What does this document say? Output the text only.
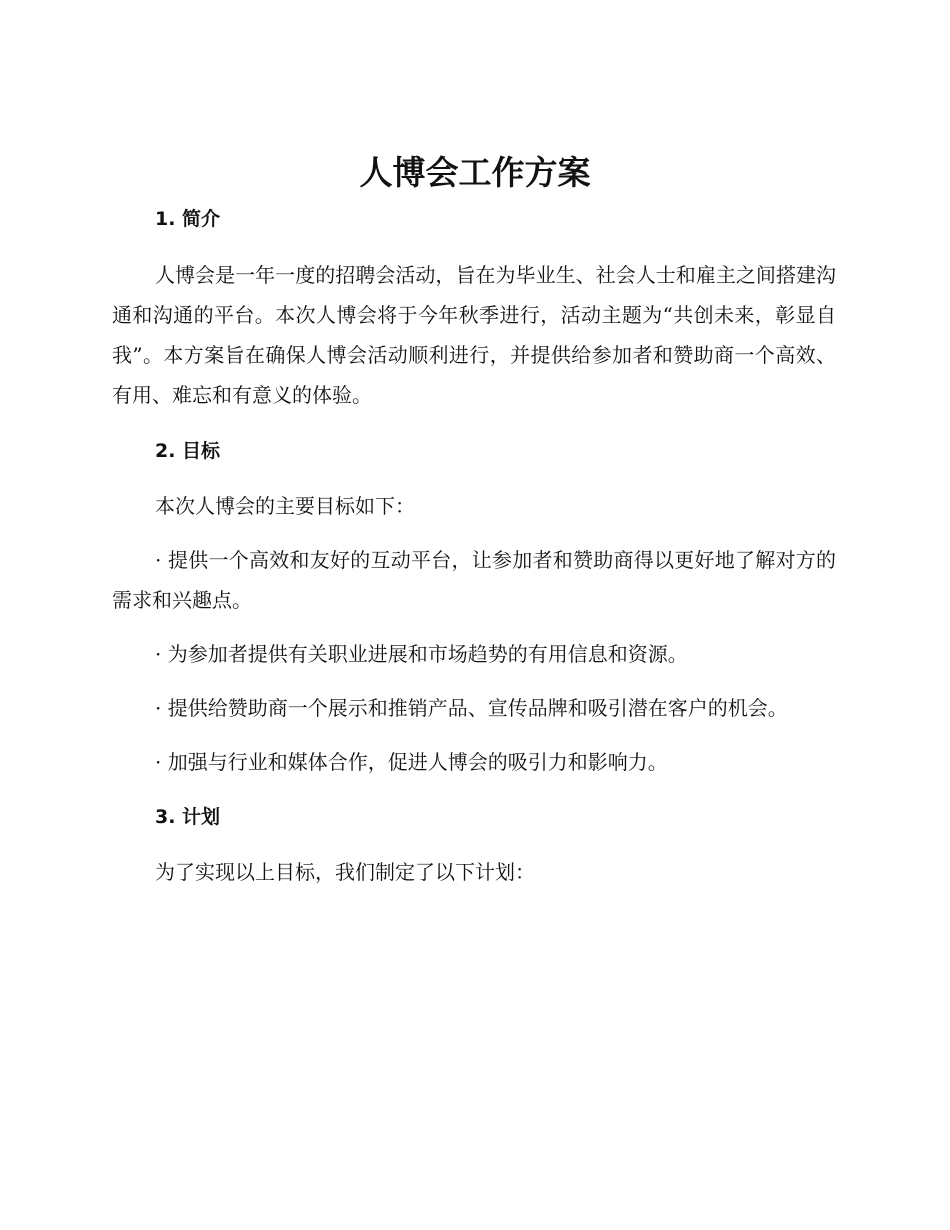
人博会工作方案
1. 简介

人博会是一年一度的招聘会活动，旨在为毕业生、社会人士和雇主之间搭建沟通和沟通的平台。本次人博会将于今年秋季进行，活动主题为“共创未来，彰显自我”。本方案旨在确保人博会活动顺利进行，并提供给参加者和赞助商一个高效、有用、难忘和有意义的体验。

2. 目标

本次人博会的主要目标如下：

· 提供一个高效和友好的互动平台，让参加者和赞助商得以更好地了解对方的需求和兴趣点。

· 为参加者提供有关职业进展和市场趋势的有用信息和资源。

· 提供给赞助商一个展示和推销产品、宣传品牌和吸引潜在客户的机会。

· 加强与行业和媒体合作，促进人博会的吸引力和影响力。

3. 计划

为了实现以上目标，我们制定了以下计划：
